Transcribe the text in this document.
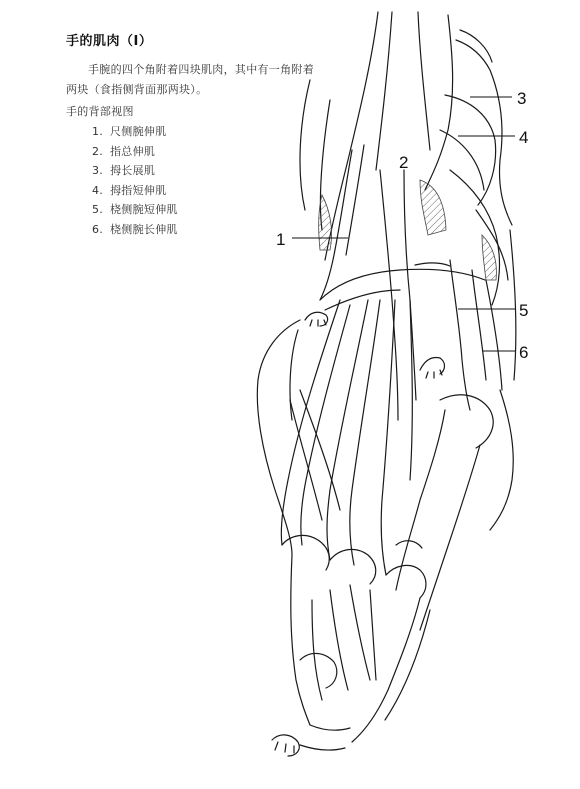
手的肌肉（I）
手腕的四个角附着四块肌肉，其中有一角附着两块（食指侧背面那两块）。
手的背部视图
1. 尺侧腕伸肌
2. 指总伸肌
3. 拇长展肌
4. 拇指短伸肌
5. 桡侧腕短伸肌
6. 桡侧腕长伸肌
1
2
3
4
5
6
